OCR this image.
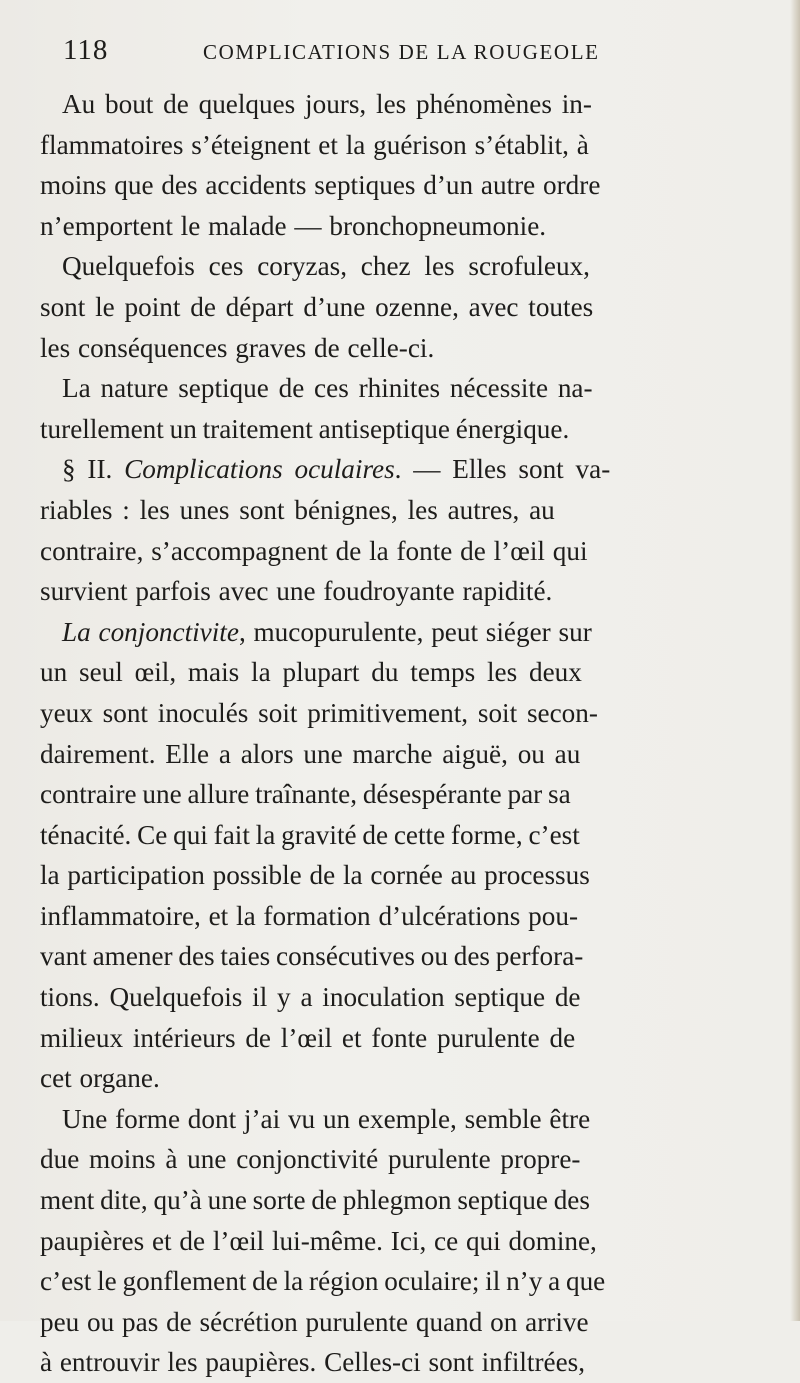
118	COMPLICATIONS DE LA ROUGEOLE
Au bout de quelques jours, les phénomènes in-
flammatoires s’éteignent et la guérison s’établit, à
moins que des accidents septiques d’un autre ordre
n’emportent le malade — bronchopneumonie.
Quelquefois ces coryzas, chez les scrofuleux,
sont le point de départ d’une ozenne, avec toutes
les conséquences graves de celle-ci.
La nature septique de ces rhinites nécessite na-
turellement un traitement antiseptique énergique.
§ II. Complications oculaires. — Elles sont va-
riables : les unes sont bénignes, les autres, au
contraire, s’accompagnent de la fonte de l’œil qui
survient parfois avec une foudroyante rapidité.
La conjonctivite, mucopurulente, peut siéger sur
un seul œil, mais la plupart du temps les deux
yeux sont inoculés soit primitivement, soit secon-
dairement. Elle a alors une marche aiguë, ou au
contraire une allure traînante, désespérante par sa
ténacité. Ce qui fait la gravité de cette forme, c’est
la participation possible de la cornée au processus
inflammatoire, et la formation d’ulcérations pou-
vant amener des taies consécutives ou des perfora-
tions. Quelquefois il y a inoculation septique de
milieux intérieurs de l’œil et fonte purulente de
cet organe.
Une forme dont j’ai vu un exemple, semble être
due moins à une conjonctivité purulente propre-
ment dite, qu’à une sorte de phlegmon septique des
paupières et de l’œil lui-même. Ici, ce qui domine,
c’est le gonflement de la région oculaire; il n’y a que
peu ou pas de sécrétion purulente quand on arrive
à entrouvir les paupières. Celles-ci sont infiltrées,
